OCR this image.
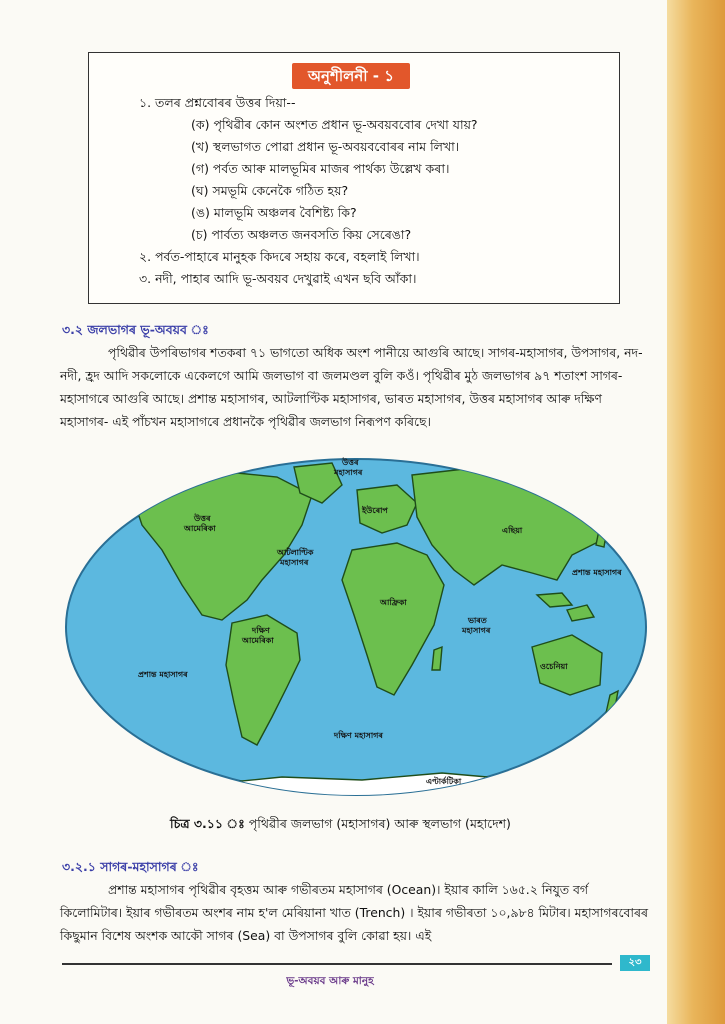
অনুশীলনী - ১
১. তলৰ প্ৰশ্নবোৰৰ উত্তৰ দিয়া--
(ক) পৃথিৱীৰ কোন অংশত প্ৰধান ভূ-অবয়ববোৰ দেখা যায়?
(খ) স্থলভাগত পোৱা প্ৰধান ভূ-অবয়ববোৰৰ নাম লিখা।
(গ) পৰ্বত আৰু মালভূমিৰ মাজৰ পাৰ্থক্য উল্লেখ কৰা।
(ঘ) সমভূমি কেনেকৈ গঠিত হয়?
(ঙ) মালভূমি অঞ্চলৰ বৈশিষ্ট্য কি?
(চ) পাৰ্বত্য অঞ্চলত জনবসতি কিয় সেৰেঙা?
২. পৰ্বত-পাহাৰে মানুহক কিদৰে সহায় কৰে, বহলাই লিখা।
৩. নদী, পাহাৰ আদি ভূ-অবয়ব দেখুৱাই এখন ছবি আঁকা।
৩.২ জলভাগৰ ভূ-অবয়ব ঃ
পৃথিৱীৰ উপৰিভাগৰ শতকৰা ৭১ ভাগতো অধিক অংশ পানীয়ে আগুৰি আছে। সাগৰ-মহাসাগৰ, উপসাগৰ, নদ-নদী, হ্ৰদ আদি সকলোকে একেলগে আমি জলভাগ বা জলমণ্ডল বুলি কওঁ। পৃথিৱীৰ মুঠ জলভাগৰ ৯৭ শতাংশ সাগৰ-মহাসাগৰে আগুৰি আছে। প্ৰশান্ত মহাসাগৰ, আটলাণ্টিক মহাসাগৰ, ভাৰত মহাসাগৰ, উত্তৰ মহাসাগৰ আৰু দক্ষিণ মহাসাগৰ- এই পাঁচখন মহাসাগৰে প্ৰধানকৈ পৃথিৱীৰ জলভাগ নিৰূপণ কৰিছে।
উত্তৰ মহাসাগৰ
উত্তৰ আমেৰিকা
ইউৰোপ
এছিয়া
আটলাণ্টিক মহাসাগৰ
প্ৰশান্ত মহাসাগৰ
দক্ষিণ আমেৰিকা
আফ্ৰিকা
ভাৰত মহাসাগৰ
প্ৰশান্ত মহাসাগৰ
ওচেনিয়া
দক্ষিণ মহাসাগৰ
এণ্টাৰ্কটিকা
চিত্ৰ ৩.১১ ঃ পৃথিৱীৰ জলভাগ (মহাসাগৰ) আৰু স্থলভাগ (মহাদেশ)
৩.২.১ সাগৰ-মহাসাগৰ ঃ
প্ৰশান্ত মহাসাগৰ পৃথিৱীৰ বৃহত্তম আৰু গভীৰতম মহাসাগৰ (Ocean)। ইয়াৰ কালি ১৬৫.২ নিযুত বৰ্গ কিলোমিটাৰ। ইয়াৰ গভীৰতম অংশৰ নাম হ'ল মেৰিয়ানা খাত (Trench) । ইয়াৰ গভীৰতা ১০,৯৮৪ মিটাৰ। মহাসাগৰবোৰৰ কিছুমান বিশেষ অংশক আকৌ সাগৰ (Sea) বা উপসাগৰ বুলি কোৱা হয়। এই
২৩
ভূ-অবয়ব আৰু মানুহ
